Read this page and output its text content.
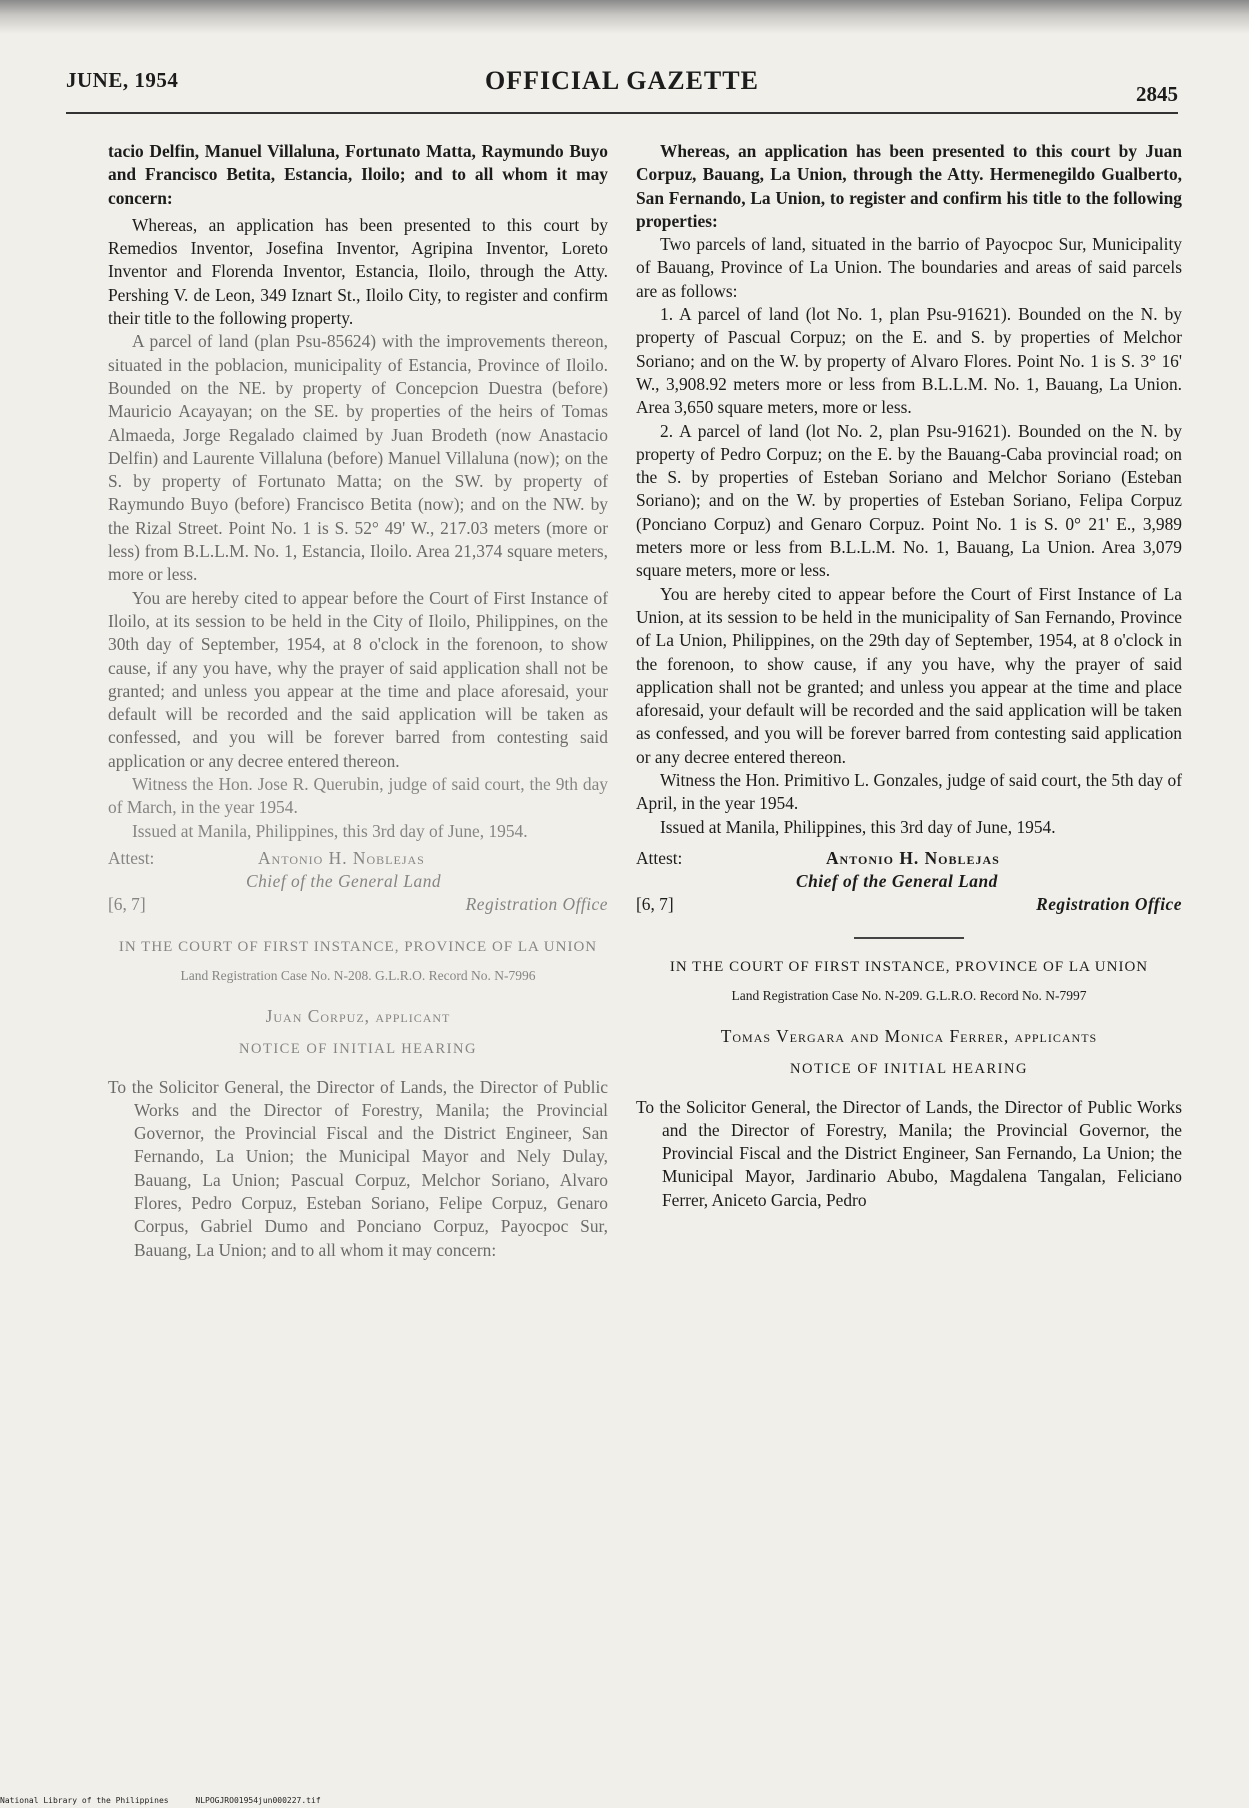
JUNE, 1954	OFFICIAL GAZETTE	2845

tacio Delfin, Manuel Villaluna, Fortunato Matta, Raymundo Buyo and Francisco Betita, Estancia, Iloilo; and to all whom it may concern:

Whereas, an application has been presented to this court by Remedios Inventor, Josefina Inventor, Agripina Inventor, Loreto Inventor and Florenda Inventor, Estancia, Iloilo, through the Atty. Pershing V. de Leon, 349 Iznart St., Iloilo City, to register and confirm their title to the following property.

A parcel of land (plan Psu-85624) with the improvements thereon, situated in the poblacion, municipality of Estancia, Province of Iloilo. Bounded on the NE. by property of Concepcion Duestra (before) Mauricio Acayayan; on the SE. by properties of the heirs of Tomas Almaeda, Jorge Regalado claimed by Juan Brodeth (now Anastacio Delfin) and Laurente Villaluna (before) Manuel Villaluna (now); on the S. by property of Fortunato Matta; on the SW. by property of Raymundo Buyo (before) Francisco Betita (now); and on the NW. by the Rizal Street. Point No. 1 is S. 52° 49' W., 217.03 meters (more or less) from B.L.L.M. No. 1, Estancia, Iloilo. Area 21,374 square meters, more or less.

You are hereby cited to appear before the Court of First Instance of Iloilo, at its session to be held in the City of Iloilo, Philippines, on the 30th day of September, 1954, at 8 o'clock in the forenoon, to show cause, if any you have, why the prayer of said application shall not be granted; and unless you appear at the time and place aforesaid, your default will be recorded and the said application will be taken as confessed, and you will be forever barred from contesting said application or any decree entered thereon.

Witness the Hon. Jose R. Querubin, judge of said court, the 9th day of March, in the year 1954.

Issued at Manila, Philippines, this 3rd day of June, 1954.

Attest:	Antonio H. Noblejas
Chief of the General Land
[6, 7]	Registration Office
IN THE COURT OF FIRST INSTANCE, PROVINCE OF LA UNION
Land Registration Case No. N-208. G.L.R.O. Record No. N-7996
Juan Corpuz, applicant
NOTICE OF INITIAL HEARING

To the Solicitor General, the Director of Lands, the Director of Public Works and the Director of Forestry, Manila; the Provincial Governor, the Provincial Fiscal and the District Engineer, San Fernando, La Union; the Municipal Mayor and Nely Dulay, Bauang, La Union; Pascual Corpuz, Melchor Soriano, Alvaro Flores, Pedro Corpuz, Esteban Soriano, Felipe Corpuz, Genaro Corpus, Gabriel Dumo and Ponciano Corpuz, Payocpoc Sur, Bauang, La Union; and to all whom it may concern:

Whereas, an application has been presented to this court by Juan Corpuz, Bauang, La Union, through the Atty. Hermenegildo Gualberto, San Fernando, La Union, to register and confirm his title to the following properties:

Two parcels of land, situated in the barrio of Payocpoc Sur, Municipality of Bauang, Province of La Union. The boundaries and areas of said parcels are as follows:

1. A parcel of land (lot No. 1, plan Psu-91621). Bounded on the N. by property of Pascual Corpuz; on the E. and S. by properties of Melchor Soriano; and on the W. by property of Alvaro Flores. Point No. 1 is S. 3° 16' W., 3,908.92 meters more or less from B.L.L.M. No. 1, Bauang, La Union. Area 3,650 square meters, more or less.

2. A parcel of land (lot No. 2, plan Psu-91621). Bounded on the N. by property of Pedro Corpuz; on the E. by the Bauang-Caba provincial road; on the S. by properties of Esteban Soriano and Melchor Soriano (Esteban Soriano); and on the W. by properties of Esteban Soriano, Felipa Corpuz (Ponciano Corpuz) and Genaro Corpuz. Point No. 1 is S. 0° 21' E., 3,989 meters more or less from B.L.L.M. No. 1, Bauang, La Union. Area 3,079 square meters, more or less.

You are hereby cited to appear before the Court of First Instance of La Union, at its session to be held in the municipality of San Fernando, Province of La Union, Philippines, on the 29th day of September, 1954, at 8 o'clock in the forenoon, to show cause, if any you have, why the prayer of said application shall not be granted; and unless you appear at the time and place aforesaid, your default will be recorded and the said application will be taken as confessed, and you will be forever barred from contesting said application or any decree entered thereon.

Witness the Hon. Primitivo L. Gonzales, judge of said court, the 5th day of April, in the year 1954.

Issued at Manila, Philippines, this 3rd day of June, 1954.

Attest:	Antonio H. Noblejas
Chief of the General Land
[6, 7]	Registration Office
IN THE COURT OF FIRST INSTANCE, PROVINCE OF LA UNION
Land Registration Case No. N-209. G.L.R.O. Record No. N-7997
Tomas Vergara and Monica Ferrer, applicants
NOTICE OF INITIAL HEARING

To the Solicitor General, the Director of Lands, the Director of Public Works and the Director of Forestry, Manila; the Provincial Governor, the Provincial Fiscal and the District Engineer, San Fernando, La Union; the Municipal Mayor, Jardinario Abubo, Magdalena Tangalan, Feliciano Ferrer, Aniceto Garcia, Pedro

National Library of the Philippines	NLPOGJRO01954jun000227.tif
